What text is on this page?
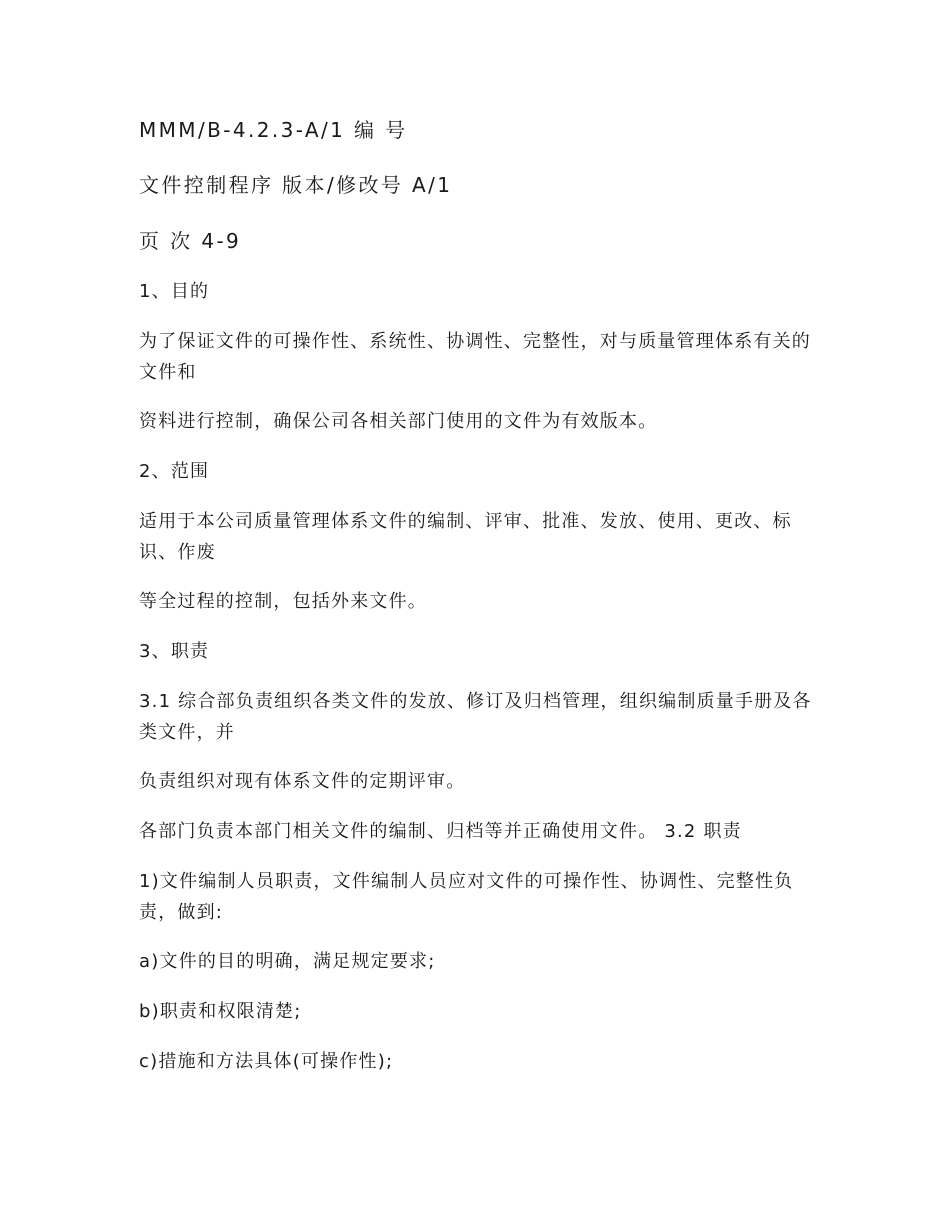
MMM/B-4.2.3-A/1 编 号

文件控制程序 版本/修改号 A/1

页 次 4-9

1、目的

为了保证文件的可操作性、系统性、协调性、完整性，对与质量管理体系有关的文件和

资料进行控制，确保公司各相关部门使用的文件为有效版本。

2、范围

适用于本公司质量管理体系文件的编制、评审、批准、发放、使用、更改、标识、作废

等全过程的控制，包括外来文件。

3、职责

3.1 综合部负责组织各类文件的发放、修订及归档管理，组织编制质量手册及各类文件，并

负责组织对现有体系文件的定期评审。

各部门负责本部门相关文件的编制、归档等并正确使用文件。 3.2 职责

1)文件编制人员职责，文件编制人员应对文件的可操作性、协调性、完整性负责，做到:

a)文件的目的明确，满足规定要求;

b)职责和权限清楚;

c)措施和方法具体(可操作性);
